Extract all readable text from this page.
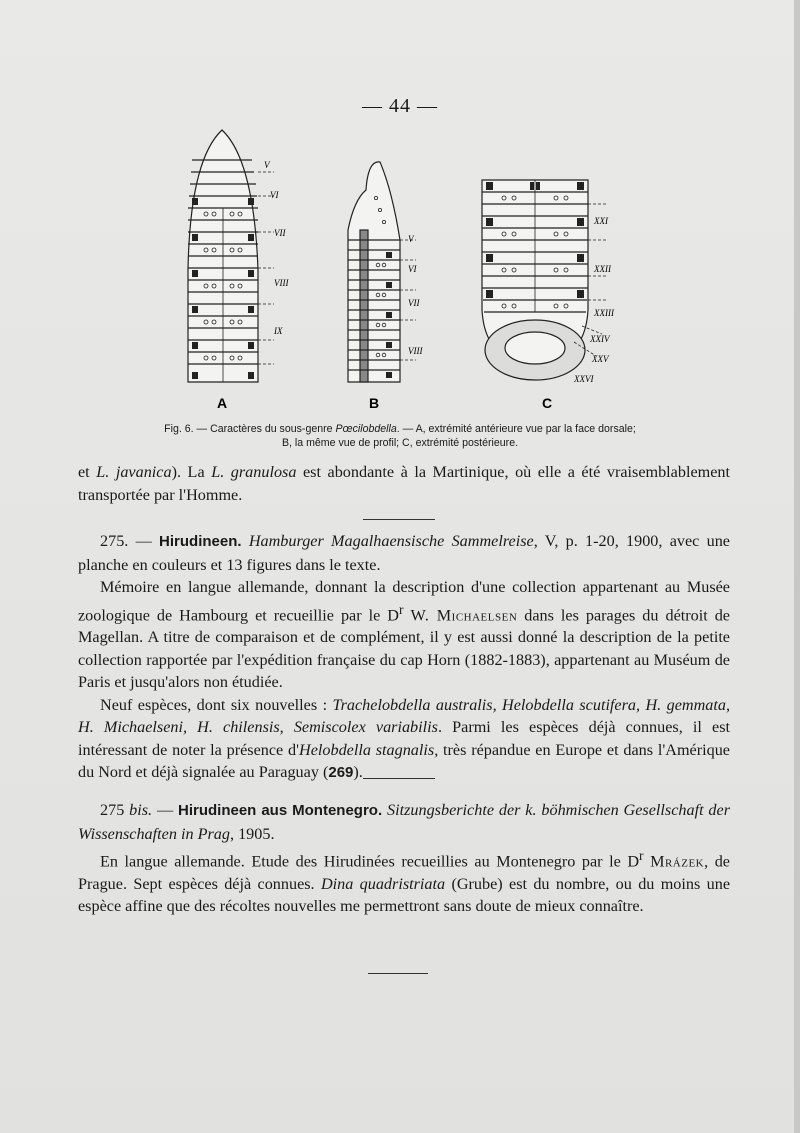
— 44 —
V
VI
VII
VIII
IX
A
V
VI
VII
VIII
B
XXI
XXII
XXIII
XXIV
XXV
XXVI
C
Fig. 6. — Caractères du sous-genre Pœcilobdella. — A, extrémité antérieure vue par la face dorsale;
B, la même vue de profil; C, extrémité postérieure.

et L. javanica). La L. granulosa est abondante à la Martinique, où elle a été vraisemblablement transportée par l'Homme.

275. — Hirudineen. Hamburger Magalhaensische Sammelreise, V, p. 1-20, 1900, avec une planche en couleurs et 13 figures dans le texte.

Mémoire en langue allemande, donnant la description d'une collection appartenant au Musée zoologique de Hambourg et recueillie par le $D^r$ W. Michaelsen dans les parages du détroit de Magellan. A titre de comparaison et de complément, il y est aussi donné la description de la petite collection rapportée par l'expédition française du cap Horn (1882-1883), appartenant au Muséum de Paris et jusqu'alors non étudiée.

Neuf espèces, dont six nouvelles : Trachelobdella australis, Helobdella scutifera, H. gemmata, H. Michaelseni, H. chilensis, Semiscolex variabilis. Parmi les espèces déjà connues, il est intéressant de noter la présence d'Helobdella stagnalis, très répandue en Europe et dans l'Amérique du Nord et déjà signalée au Paraguay (269).

275 bis. — Hirudineen aus Montenegro. Sitzungsberichte der k. böhmischen Gesellschaft der Wissenschaften in Prag, 1905.

En langue allemande. Etude des Hirudinées recueillies au Montenegro par le $D^r$ Mrázek, de Prague. Sept espèces déjà connues. Dina quadristriata (Grube) est du nombre, ou du moins une espèce affine que des récoltes nouvelles me permettront sans doute de mieux connaître.
